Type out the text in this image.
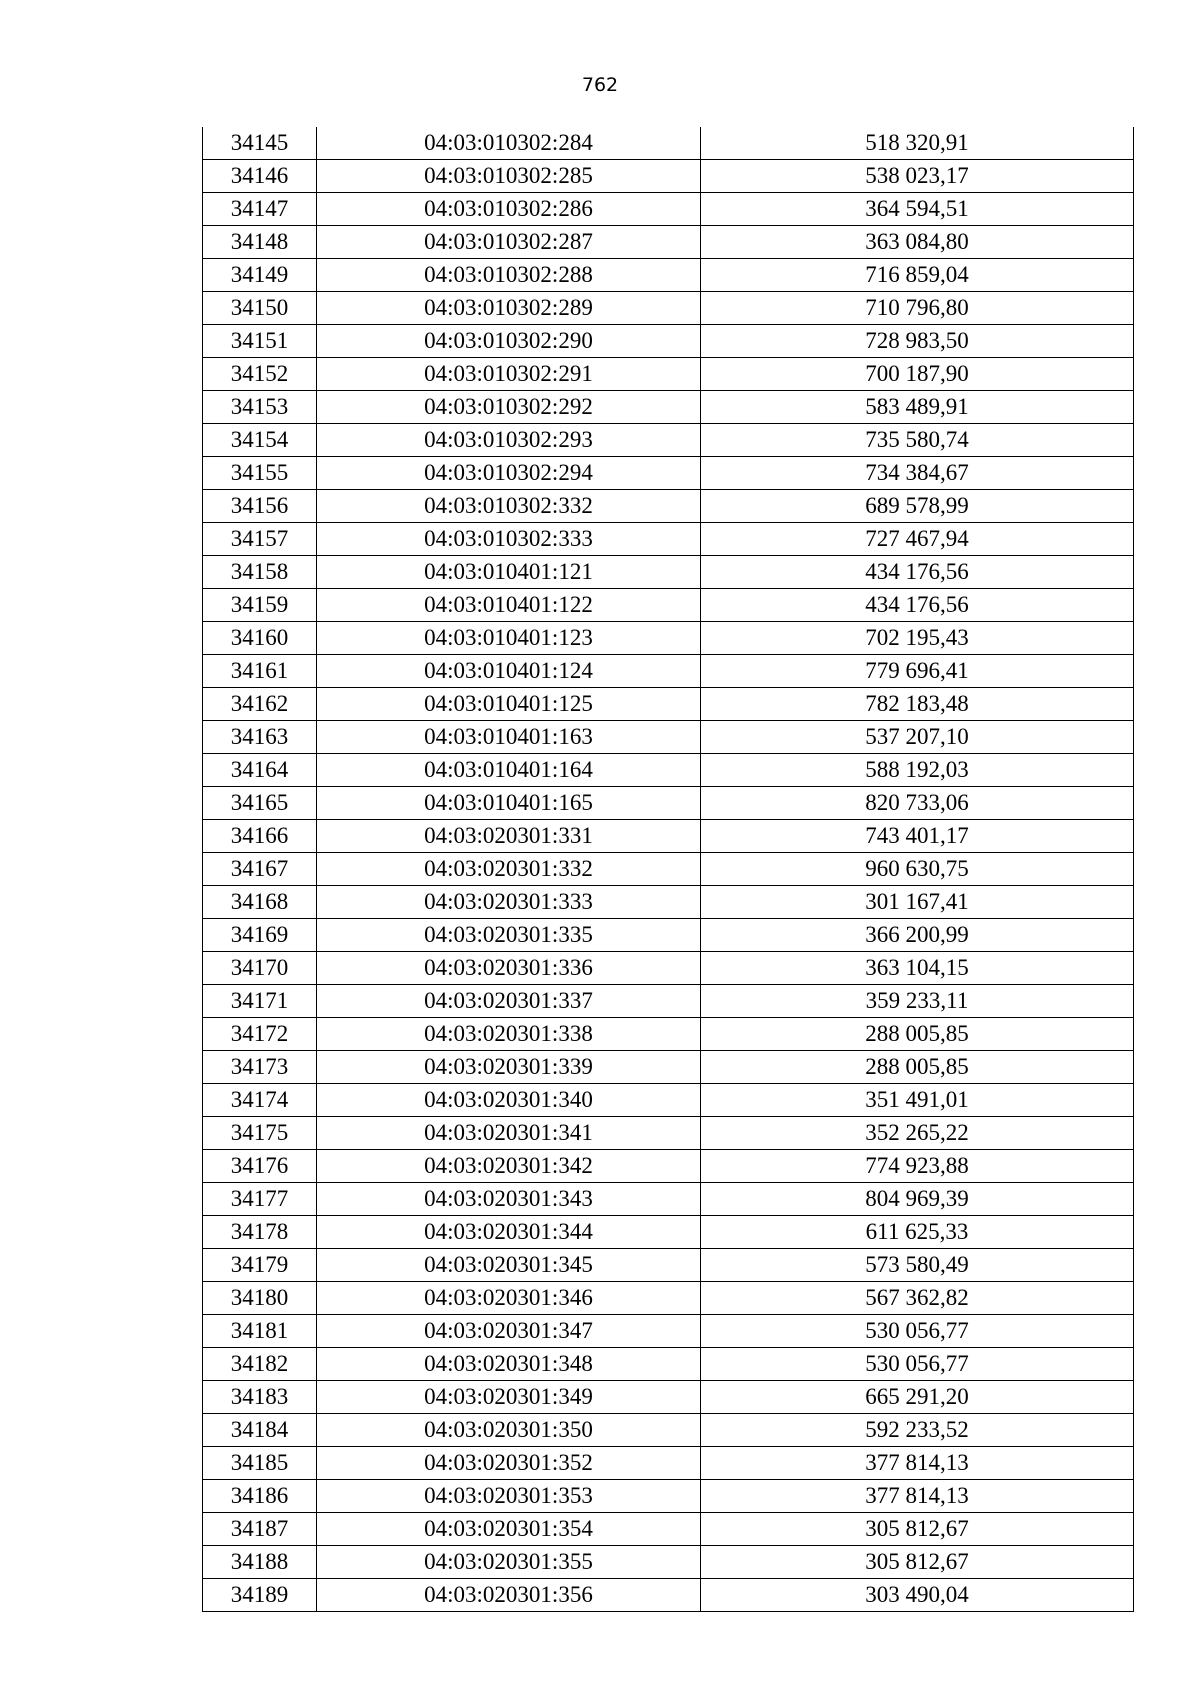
762
34145	04:03:010302:284	518 320,91
34146	04:03:010302:285	538 023,17
34147	04:03:010302:286	364 594,51
34148	04:03:010302:287	363 084,80
34149	04:03:010302:288	716 859,04
34150	04:03:010302:289	710 796,80
34151	04:03:010302:290	728 983,50
34152	04:03:010302:291	700 187,90
34153	04:03:010302:292	583 489,91
34154	04:03:010302:293	735 580,74
34155	04:03:010302:294	734 384,67
34156	04:03:010302:332	689 578,99
34157	04:03:010302:333	727 467,94
34158	04:03:010401:121	434 176,56
34159	04:03:010401:122	434 176,56
34160	04:03:010401:123	702 195,43
34161	04:03:010401:124	779 696,41
34162	04:03:010401:125	782 183,48
34163	04:03:010401:163	537 207,10
34164	04:03:010401:164	588 192,03
34165	04:03:010401:165	820 733,06
34166	04:03:020301:331	743 401,17
34167	04:03:020301:332	960 630,75
34168	04:03:020301:333	301 167,41
34169	04:03:020301:335	366 200,99
34170	04:03:020301:336	363 104,15
34171	04:03:020301:337	359 233,11
34172	04:03:020301:338	288 005,85
34173	04:03:020301:339	288 005,85
34174	04:03:020301:340	351 491,01
34175	04:03:020301:341	352 265,22
34176	04:03:020301:342	774 923,88
34177	04:03:020301:343	804 969,39
34178	04:03:020301:344	611 625,33
34179	04:03:020301:345	573 580,49
34180	04:03:020301:346	567 362,82
34181	04:03:020301:347	530 056,77
34182	04:03:020301:348	530 056,77
34183	04:03:020301:349	665 291,20
34184	04:03:020301:350	592 233,52
34185	04:03:020301:352	377 814,13
34186	04:03:020301:353	377 814,13
34187	04:03:020301:354	305 812,67
34188	04:03:020301:355	305 812,67
34189	04:03:020301:356	303 490,04
